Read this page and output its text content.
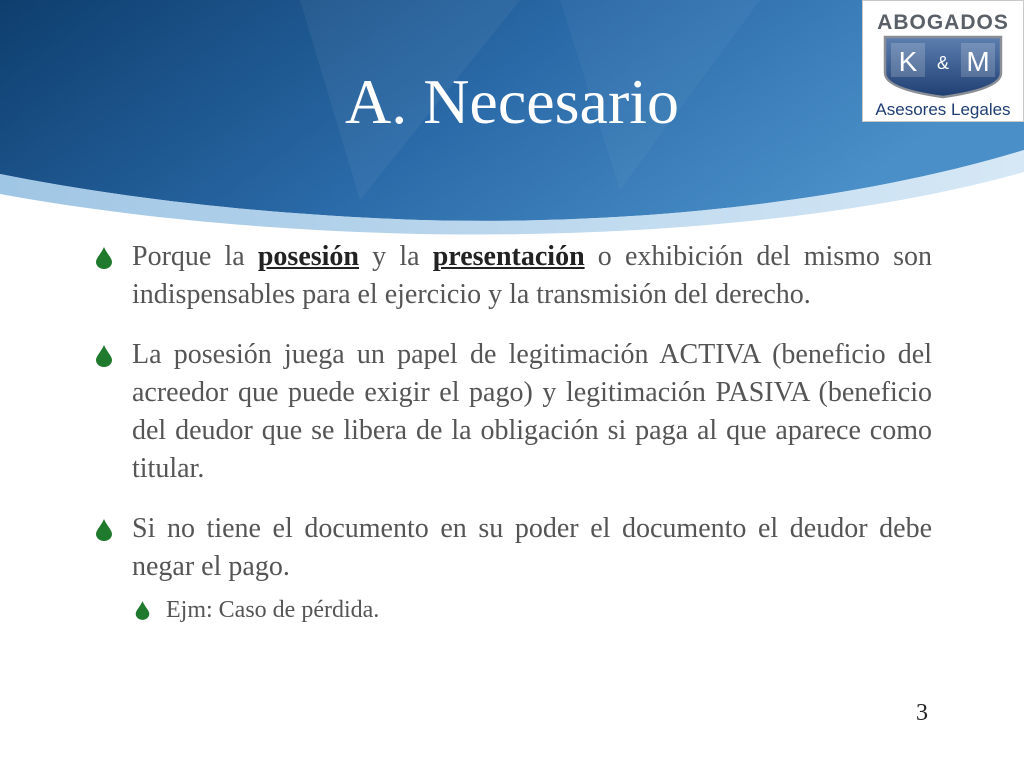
A. Necesario
ABOGADOS
K & M
Asesores Legales
Porque la posesión y la presentación o exhibición del mismo son indispensables para el ejercicio y la transmisión del derecho.
La posesión juega un papel de legitimación ACTIVA (beneficio del acreedor que puede exigir el pago) y legitimación PASIVA (beneficio del deudor que se libera de la obligación si paga al que aparece como titular.
Si no tiene el documento en su poder el documento el deudor debe negar el pago.
Ejm: Caso de pérdida.
3
